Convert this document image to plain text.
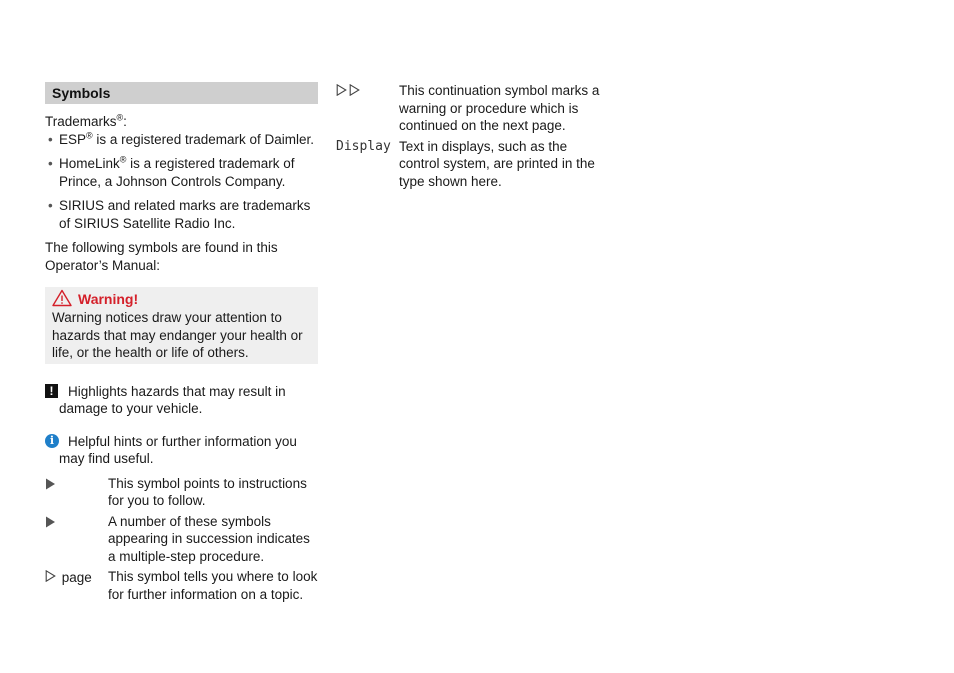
Symbols

Trademarks®:

• ESP® is a registered trademark of Daimler.
• HomeLink® is a registered trademark of Prince, a Johnson Controls Company.
• SIRIUS and related marks are trademarks of SIRIUS Satellite Radio Inc.

The following symbols are found in this Operator’s Manual:

Warning!
Warning notices draw your attention to hazards that may endanger your health or life, or the health or life of others.
!	Highlights hazards that may result in damage to your vehicle.
i	Helpful hints or further information you may find useful.
This symbol points to instructions for you to follow.
A number of these symbols appearing in succession indicates a multiple-step procedure.
page This symbol tells you where to look for further information on a topic.
This continuation symbol marks a warning or procedure which is continued on the next page.
Display Text in displays, such as the control system, are printed in the type shown here.
